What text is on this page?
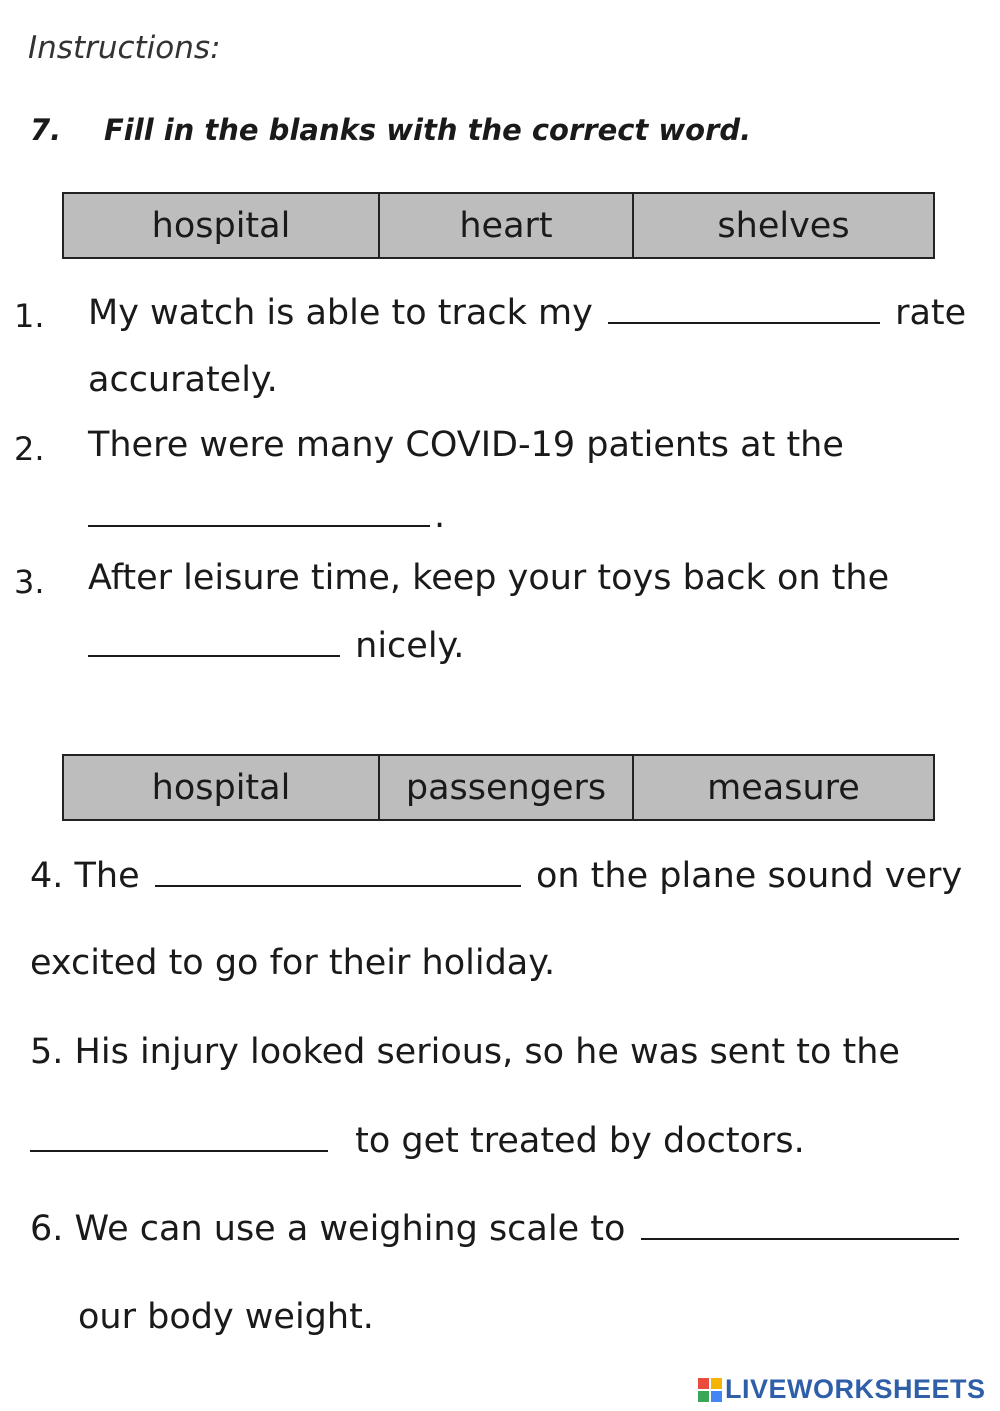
Instructions:
7. Fill in the blanks with the correct word.
hospital	heart	shelves
1. My watch is able to track my	rate
accurately.
2. There were many COVID-19 patients at the
.
3. After leisure time, keep your toys back on the
nicely.
hospital	passengers	measure
4. The	on the plane sound very
excited to go for their holiday.
5. His injury looked serious, so he was sent to the
to get treated by doctors.
6. We can use a weighing scale to
our body weight.
LIVEWORKSHEETS
